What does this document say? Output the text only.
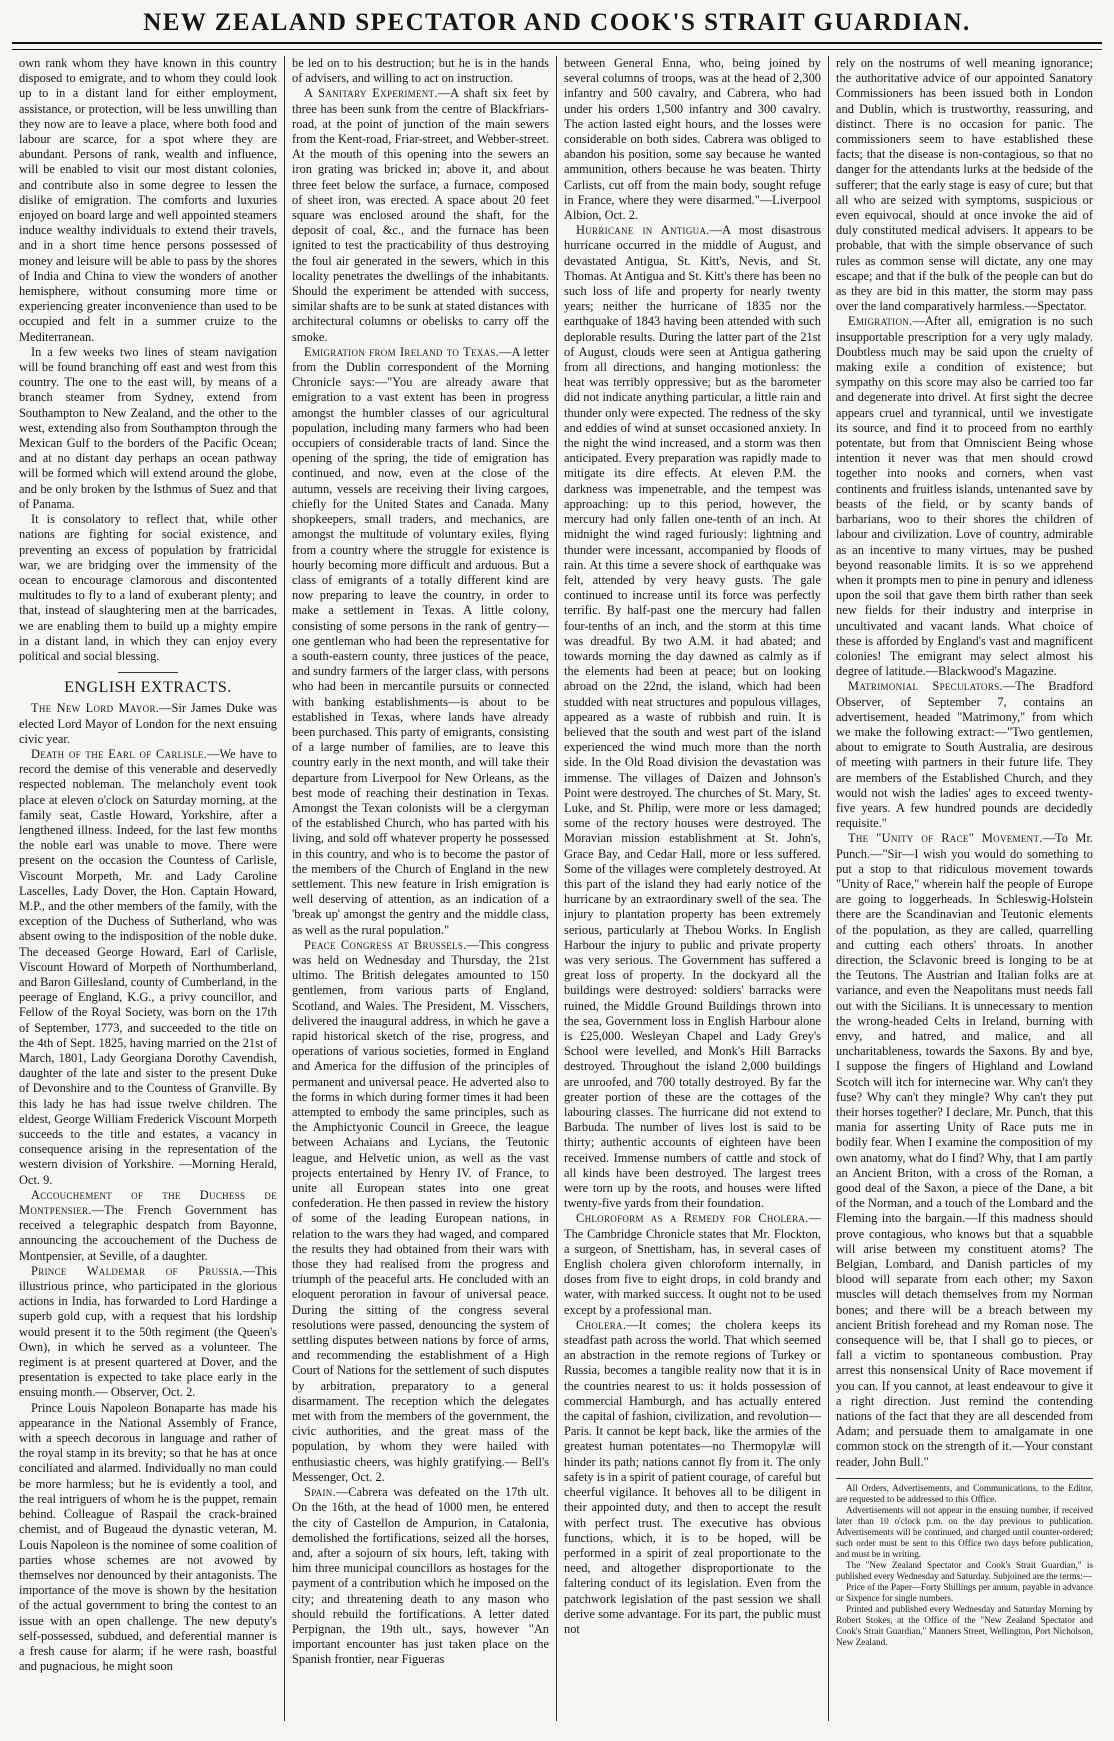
NEW ZEALAND SPECTATOR AND COOK'S STRAIT GUARDIAN.

own rank whom they have known in this country disposed to emigrate, and to whom they could look up to in a distant land for either employment, assistance, or protection, will be less unwilling than they now are to leave a place, where both food and labour are scarce, for a spot where they are abundant. Persons of rank, wealth and influence, will be enabled to visit our most distant colonies, and contribute also in some degree to lessen the dislike of emigration. The comforts and luxuries enjoyed on board large and well appointed steamers induce wealthy individuals to extend their travels, and in a short time hence persons possessed of money and leisure will be able to pass by the shores of India and China to view the wonders of another hemisphere, without consuming more time or experiencing greater inconvenience than used to be occupied and felt in a summer cruize to the Mediterranean.

In a few weeks two lines of steam navigation will be found branching off east and west from this country. The one to the east will, by means of a branch steamer from Sydney, extend from Southampton to New Zealand, and the other to the west, extending also from Southampton through the Mexican Gulf to the borders of the Pacific Ocean; and at no distant day perhaps an ocean pathway will be formed which will extend around the globe, and be only broken by the Isthmus of Suez and that of Panama.

It is consolatory to reflect that, while other nations are fighting for social existence, and preventing an excess of population by fratricidal war, we are bridging over the immensity of the ocean to encourage clamorous and discontented multitudes to fly to a land of exuberant plenty; and that, instead of slaughtering men at the barricades, we are enabling them to build up a mighty empire in a distant land, in which they can enjoy every political and social blessing.

ENGLISH EXTRACTS.

The New Lord Mayor.—Sir James Duke was elected Lord Mayor of London for the next ensuing civic year.

Death of the Earl of Carlisle.—We have to record the demise of this venerable and deservedly respected nobleman. The melancholy event took place at eleven o'clock on Saturday morning, at the family seat, Castle Howard, Yorkshire, after a lengthened illness. Indeed, for the last few months the noble earl was unable to move. There were present on the occasion the Countess of Carlisle, Viscount Morpeth, Mr. and Lady Caroline Lascelles, Lady Dover, the Hon. Captain Howard, M.P., and the other members of the family, with the exception of the Duchess of Sutherland, who was absent owing to the indisposition of the noble duke. The deceased George Howard, Earl of Carlisle, Viscount Howard of Morpeth of Northumberland, and Baron Gillesland, county of Cumberland, in the peerage of England, K.G., a privy councillor, and Fellow of the Royal Society, was born on the 17th of September, 1773, and succeeded to the title on the 4th of Sept. 1825, having married on the 21st of March, 1801, Lady Georgiana Dorothy Cavendish, daughter of the late and sister to the present Duke of Devonshire and to the Countess of Granville. By this lady he has had issue twelve children. The eldest, George William Frederick Viscount Morpeth succeeds to the title and estates, a vacancy in consequence arising in the representation of the western division of Yorkshire. —Morning Herald, Oct. 9.

Accouchement of the Duchess de Montpensier.—The French Government has received a telegraphic despatch from Bayonne, announcing the accouchement of the Duchess de Montpensier, at Seville, of a daughter.

Prince Waldemar of Prussia.—This illustrious prince, who participated in the glorious actions in India, has forwarded to Lord Hardinge a superb gold cup, with a request that his lordship would present it to the 50th regiment (the Queen's Own), in which he served as a volunteer. The regiment is at present quartered at Dover, and the presentation is expected to take place early in the ensuing month.— Observer, Oct. 2.

Prince Louis Napoleon Bonaparte has made his appearance in the National Assembly of France, with a speech decorous in language and rather of the royal stamp in its brevity; so that he has at once conciliated and alarmed. Individually no man could be more harmless; but he is evidently a tool, and the real intriguers of whom he is the puppet, remain behind. Colleague of Raspail the crack-brained chemist, and of Bugeaud the dynastic veteran, M. Louis Napoleon is the nominee of some coalition of parties whose schemes are not avowed by themselves nor denounced by their antagonists. The importance of the move is shown by the hesitation of the actual government to bring the contest to an issue with an open challenge. The new deputy's self-possessed, subdued, and deferential manner is a fresh cause for alarm; if he were rash, boastful and pugnacious, he might soon

be led on to his destruction; but he is in the hands of advisers, and willing to act on instruction.

A Sanitary Experiment.—A shaft six feet by three has been sunk from the centre of Blackfriars-road, at the point of junction of the main sewers from the Kent-road, Friar-street, and Webber-street. At the mouth of this opening into the sewers an iron grating was bricked in; above it, and about three feet below the surface, a furnace, composed of sheet iron, was erected. A space about 20 feet square was enclosed around the shaft, for the deposit of coal, &c., and the furnace has been ignited to test the practicability of thus destroying the foul air generated in the sewers, which in this locality penetrates the dwellings of the inhabitants. Should the experiment be attended with success, similar shafts are to be sunk at stated distances with architectural columns or obelisks to carry off the smoke.

Emigration from Ireland to Texas.—A letter from the Dublin correspondent of the Morning Chronicle says:—"You are already aware that emigration to a vast extent has been in progress amongst the humbler classes of our agricultural population, including many farmers who had been occupiers of considerable tracts of land. Since the opening of the spring, the tide of emigration has continued, and now, even at the close of the autumn, vessels are receiving their living cargoes, chiefly for the United States and Canada. Many shopkeepers, small traders, and mechanics, are amongst the multitude of voluntary exiles, flying from a country where the struggle for existence is hourly becoming more difficult and arduous. But a class of emigrants of a totally different kind are now preparing to leave the country, in order to make a settlement in Texas. A little colony, consisting of some persons in the rank of gentry—one gentleman who had been the representative for a south-eastern county, three justices of the peace, and sundry farmers of the larger class, with persons who had been in mercantile pursuits or connected with banking establishments—is about to be established in Texas, where lands have already been purchased. This party of emigrants, consisting of a large number of families, are to leave this country early in the next month, and will take their departure from Liverpool for New Orleans, as the best mode of reaching their destination in Texas. Amongst the Texan colonists will be a clergyman of the established Church, who has parted with his living, and sold off whatever property he possessed in this country, and who is to become the pastor of the members of the Church of England in the new settlement. This new feature in Irish emigration is well deserving of attention, as an indication of a 'break up' amongst the gentry and the middle class, as well as the rural population."

Peace Congress at Brussels.—This congress was held on Wednesday and Thursday, the 21st ultimo. The British delegates amounted to 150 gentlemen, from various parts of England, Scotland, and Wales. The President, M. Visschers, delivered the inaugural address, in which he gave a rapid historical sketch of the rise, progress, and operations of various societies, formed in England and America for the diffusion of the principles of permanent and universal peace. He adverted also to the forms in which during former times it had been attempted to embody the same principles, such as the Amphictyonic Council in Greece, the league between Achaians and Lycians, the Teutonic league, and Helvetic union, as well as the vast projects entertained by Henry IV. of France, to unite all European states into one great confederation. He then passed in review the history of some of the leading European nations, in relation to the wars they had waged, and compared the results they had obtained from their wars with those they had realised from the progress and triumph of the peaceful arts. He concluded with an eloquent peroration in favour of universal peace. During the sitting of the congress several resolutions were passed, denouncing the system of settling disputes between nations by force of arms, and recommending the establishment of a High Court of Nations for the settlement of such disputes by arbitration, preparatory to a general disarmament. The reception which the delegates met with from the members of the government, the civic authorities, and the great mass of the population, by whom they were hailed with enthusiastic cheers, was highly gratifying.— Bell's Messenger, Oct. 2.

Spain.—Cabrera was defeated on the 17th ult. On the 16th, at the head of 1000 men, he entered the city of Castellon de Ampurion, in Catalonia, demolished the fortifications, seized all the horses, and, after a sojourn of six hours, left, taking with him three municipal councillors as hostages for the payment of a contribution which he imposed on the city; and threatening death to any mason who should rebuild the fortifications. A letter dated Perpignan, the 19th ult., says, however "An important encounter has just taken place on the Spanish frontier, near Figueras

between General Enna, who, being joined by several columns of troops, was at the head of 2,300 infantry and 500 cavalry, and Cabrera, who had under his orders 1,500 infantry and 300 cavalry. The action lasted eight hours, and the losses were considerable on both sides. Cabrera was obliged to abandon his position, some say because he wanted ammunition, others because he was beaten. Thirty Carlists, cut off from the main body, sought refuge in France, where they were disarmed."—Liverpool Albion, Oct. 2.

Hurricane in Antigua.—A most disastrous hurricane occurred in the middle of August, and devastated Antigua, St. Kitt's, Nevis, and St. Thomas. At Antigua and St. Kitt's there has been no such loss of life and property for nearly twenty years; neither the hurricane of 1835 nor the earthquake of 1843 having been attended with such deplorable results. During the latter part of the 21st of August, clouds were seen at Antigua gathering from all directions, and hanging motionless: the heat was terribly oppressive; but as the barometer did not indicate anything particular, a little rain and thunder only were expected. The redness of the sky and eddies of wind at sunset occasioned anxiety. In the night the wind increased, and a storm was then anticipated. Every preparation was rapidly made to mitigate its dire effects. At eleven P.M. the darkness was impenetrable, and the tempest was approaching: up to this period, however, the mercury had only fallen one-tenth of an inch. At midnight the wind raged furiously: lightning and thunder were incessant, accompanied by floods of rain. At this time a severe shock of earthquake was felt, attended by very heavy gusts. The gale continued to increase until its force was perfectly terrific. By half-past one the mercury had fallen four-tenths of an inch, and the storm at this time was dreadful. By two A.M. it had abated; and towards morning the day dawned as calmly as if the elements had been at peace; but on looking abroad on the 22nd, the island, which had been studded with neat structures and populous villages, appeared as a waste of rubbish and ruin. It is believed that the south and west part of the island experienced the wind much more than the north side. In the Old Road division the devastation was immense. The villages of Daizen and Johnson's Point were destroyed. The churches of St. Mary, St. Luke, and St. Philip, were more or less damaged; some of the rectory houses were destroyed. The Moravian mission establishment at St. John's, Grace Bay, and Cedar Hall, more or less suffered. Some of the villages were completely destroyed. At this part of the island they had early notice of the hurricane by an extraordinary swell of the sea. The injury to plantation property has been extremely serious, particularly at Thebou Works. In English Harbour the injury to public and private property was very serious. The Government has suffered a great loss of property. In the dockyard all the buildings were destroyed: soldiers' barracks were ruined, the Middle Ground Buildings thrown into the sea, Government loss in English Harbour alone is £25,000. Wesleyan Chapel and Lady Grey's School were levelled, and Monk's Hill Barracks destroyed. Throughout the island 2,000 buildings are unroofed, and 700 totally destroyed. By far the greater portion of these are the cottages of the labouring classes. The hurricane did not extend to Barbuda. The number of lives lost is said to be thirty; authentic accounts of eighteen have been received. Immense numbers of cattle and stock of all kinds have been destroyed. The largest trees were torn up by the roots, and houses were lifted twenty-five yards from their foundation.

Chloroform as a Remedy for Cholera.—The Cambridge Chronicle states that Mr. Flockton, a surgeon, of Snettisham, has, in several cases of English cholera given chloroform internally, in doses from five to eight drops, in cold brandy and water, with marked success. It ought not to be used except by a professional man.

Cholera.—It comes; the cholera keeps its steadfast path across the world. That which seemed an abstraction in the remote regions of Turkey or Russia, becomes a tangible reality now that it is in the countries nearest to us: it holds possession of commercial Hamburgh, and has actually entered the capital of fashion, civilization, and revolution—Paris. It cannot be kept back, like the armies of the greatest human potentates—no Thermopylæ will hinder its path; nations cannot fly from it. The only safety is in a spirit of patient courage, of careful but cheerful vigilance. It behoves all to be diligent in their appointed duty, and then to accept the result with perfect trust. The executive has obvious functions, which, it is to be hoped, will be performed in a spirit of zeal proportionate to the need, and altogether disproportionate to the faltering conduct of its legislation. Even from the patchwork legislation of the past session we shall derive some advantage. For its part, the public must not

rely on the nostrums of well meaning ignorance; the authoritative advice of our appointed Sanatory Commissioners has been issued both in London and Dublin, which is trustworthy, reassuring, and distinct. There is no occasion for panic. The commissioners seem to have established these facts; that the disease is non-contagious, so that no danger for the attendants lurks at the bedside of the sufferer; that the early stage is easy of cure; but that all who are seized with symptoms, suspicious or even equivocal, should at once invoke the aid of duly constituted medical advisers. It appears to be probable, that with the simple observance of such rules as common sense will dictate, any one may escape; and that if the bulk of the people can but do as they are bid in this matter, the storm may pass over the land comparatively harmless.—Spectator.

Emigration.—After all, emigration is no such insupportable prescription for a very ugly malady. Doubtless much may be said upon the cruelty of making exile a condition of existence; but sympathy on this score may also be carried too far and degenerate into drivel. At first sight the decree appears cruel and tyrannical, until we investigate its source, and find it to proceed from no earthly potentate, but from that Omniscient Being whose intention it never was that men should crowd together into nooks and corners, when vast continents and fruitless islands, untenanted save by beasts of the field, or by scanty bands of barbarians, woo to their shores the children of labour and civilization. Love of country, admirable as an incentive to many virtues, may be pushed beyond reasonable limits. It is so we apprehend when it prompts men to pine in penury and idleness upon the soil that gave them birth rather than seek new fields for their industry and interprise in uncultivated and vacant lands. What choice of these is afforded by England's vast and magnificent colonies! The emigrant may select almost his degree of latitude.—Blackwood's Magazine.

Matrimonial Speculators.—The Bradford Observer, of September 7, contains an advertisement, headed "Matrimony," from which we make the following extract:—"Two gentlemen, about to emigrate to South Australia, are desirous of meeting with partners in their future life. They are members of the Established Church, and they would not wish the ladies' ages to exceed twenty-five years. A few hundred pounds are decidedly requisite."

The "Unity of Race" Movement.—To Mr. Punch.—"Sir—I wish you would do something to put a stop to that ridiculous movement towards "Unity of Race," wherein half the people of Europe are going to loggerheads. In Schleswig-Holstein there are the Scandinavian and Teutonic elements of the population, as they are called, quarrelling and cutting each others' throats. In another direction, the Sclavonic breed is longing to be at the Teutons. The Austrian and Italian folks are at variance, and even the Neapolitans must needs fall out with the Sicilians. It is unnecessary to mention the wrong-headed Celts in Ireland, burning with envy, and hatred, and malice, and all uncharitableness, towards the Saxons. By and bye, I suppose the fingers of Highland and Lowland Scotch will itch for internecine war. Why can't they fuse? Why can't they mingle? Why can't they put their horses together? I declare, Mr. Punch, that this mania for asserting Unity of Race puts me in bodily fear. When I examine the composition of my own anatomy, what do I find? Why, that I am partly an Ancient Briton, with a cross of the Roman, a good deal of the Saxon, a piece of the Dane, a bit of the Norman, and a touch of the Lombard and the Fleming into the bargain.—If this madness should prove contagious, who knows but that a squabble will arise between my constituent atoms? The Belgian, Lombard, and Danish particles of my blood will separate from each other; my Saxon muscles will detach themselves from my Norman bones; and there will be a breach between my ancient British forehead and my Roman nose. The consequence will be, that I shall go to pieces, or fall a victim to spontaneous combustion. Pray arrest this nonsensical Unity of Race movement if you can. If you cannot, at least endeavour to give it a right direction. Just remind the contending nations of the fact that they are all descended from Adam; and persuade them to amalgamate in one common stock on the strength of it.—Your constant reader, John Bull."

All Orders, Advertisements, and Communications, to the Editor, are requested to be addressed to this Office.

Advertisements will not appear in the ensuing number, if received later than 10 o'clock p.m. on the day previous to publication. Advertisements will be continued, and charged until counter-ordered; such order must be sent to this Office two days before publication, and must be in writing.

The "New Zealand Spectator and Cook's Strait Guardian," is published every Wednesday and Saturday. Subjoined are the terms:—

Price of the Paper—Forty Shillings per annum, payable in advance or Sixpence for single numbers.

Printed and published every Wednesday and Saturday Morning by Robert Stokes, at the Office of the "New Zealand Spectator and Cook's Strait Guardian," Manners Street, Wellington, Port Nicholson, New Zealand.
